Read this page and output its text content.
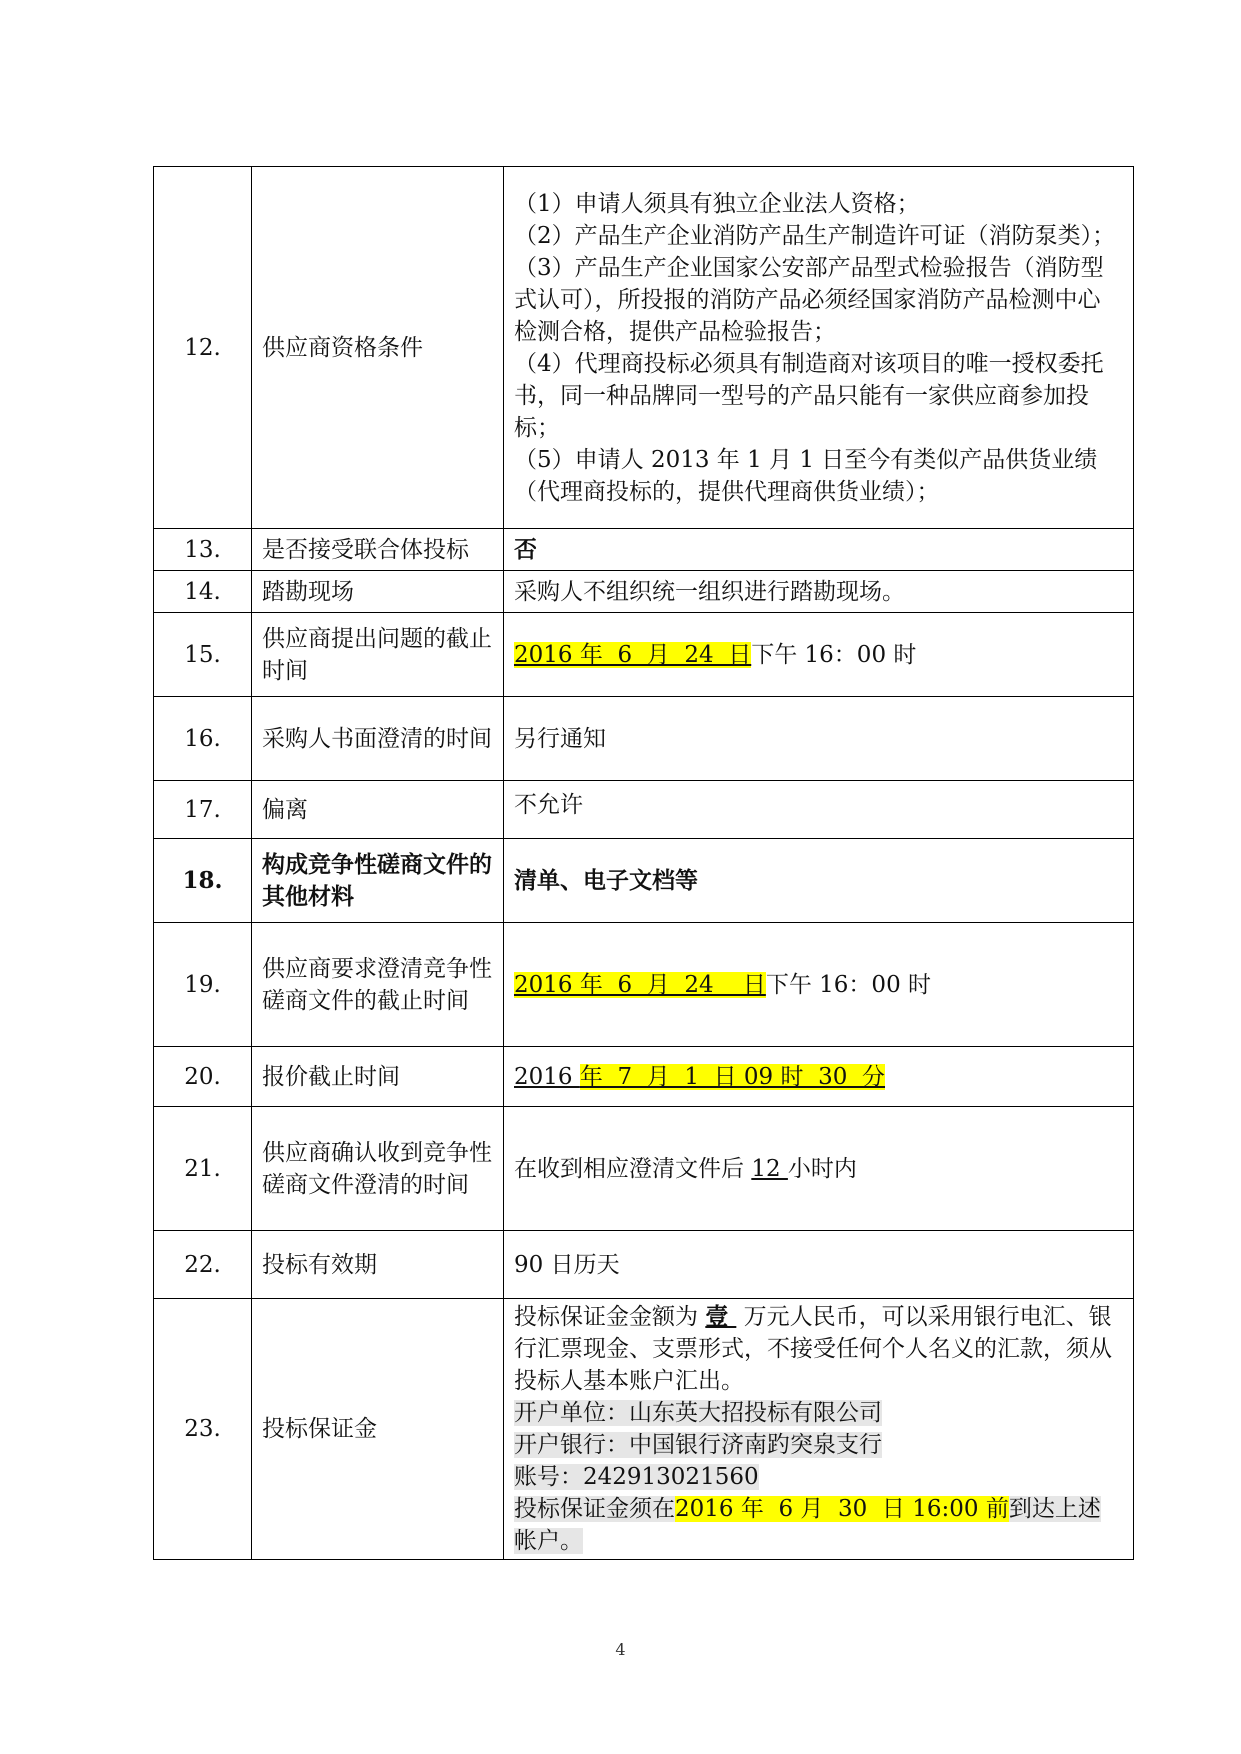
12.	供应商资格条件	（1）申请人须具有独立企业法人资格；
（2）产品生产企业消防产品生产制造许可证（消防泵类）；
（3）产品生产企业国家公安部产品型式检验报告（消防型式认可），所投报的消防产品必须经国家消防产品检测中心检测合格，提供产品检验报告；
（4）代理商投标必须具有制造商对该项目的唯一授权委托书，同一种品牌同一型号的产品只能有一家供应商参加投标；
（5）申请人 2013 年 1 月 1 日至今有类似产品供货业绩（代理商投标的，提供代理商供货业绩）；

13.	是否接受联合体投标	否
14.	踏勘现场	采购人不组织统一组织进行踏勘现场。
15.	供应商提出问题的截止时间	2016 年  6  月  24  日下午 16：00 时
16.	采购人书面澄清的时间	另行通知
17.	偏离	不允许
18.	构成竞争性磋商文件的其他材料	清单、电子文档等
19.	供应商要求澄清竞争性磋商文件的截止时间	2016 年  6  月  24    日下午 16：00 时
20.	报价截止时间	2016 年  7  月  1  日 09 时  30  分
21.	供应商确认收到竞争性磋商文件澄清的时间	在收到相应澄清文件后 12 小时内
22.	投标有效期	90 日历天
23.	投标保证金	投标保证金金额为 壹  万元人民币，可以采用银行电汇、银行汇票现金、支票形式，不接受任何个人名义的汇款，须从投标人基本账户汇出。
开户单位：山东英大招投标有限公司
开户银行：中国银行济南趵突泉支行
账号：242913021560
投标保证金须在2016 年  6 月  30  日 16:00 前到达上述帐户。
4
